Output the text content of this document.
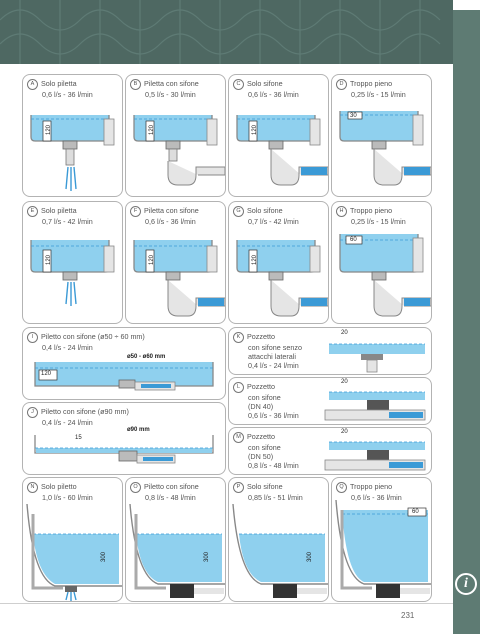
i
A Solo piletta
0,6 l/s - 36 l/min
120
B Piletta con sifone
0,5 l/s - 30 l/min
120
C Solo sifone
0,6 l/s - 36 l/min
120
D Troppo pieno
0,25 l/s - 15 l/min
30
E Solo piletta
0,7 l/s - 42 l/min
120
F Piletta con sifone
0,6 l/s - 36 l/min
120
G Solo sifone
0,7 l/s - 42 l/min
120
H Troppo pieno
0,25 l/s - 15 l/min
60
I Piletto con sifone (ø50 ÷ 60 mm)
0,4 l/s - 24 l/min
120
ø50 - ø60 mm
J Piletto con sifone (ø90 mm)
0,4 l/s - 24 l/min
15
ø90 mm
K Pozzetto
con sifone senzo
attacchi laterali
0,4 l/s - 24 l/min
20
L Pozzetto
con sifone
(DN 40)
0,6 l/s - 36 l/min
20
M Pozzetto
con sifone
(DN 50)
0,8 l/s - 48 l/min
20
N Solo piletto
1,0 l/s - 60 l/min
300
O Piletto con sifone
0,8 l/s - 48 l/min
300
P Solo sifone
0,85 l/s - 51 l/min
300
Q Troppo pieno
0,6 l/s - 36 l/min
60
231
